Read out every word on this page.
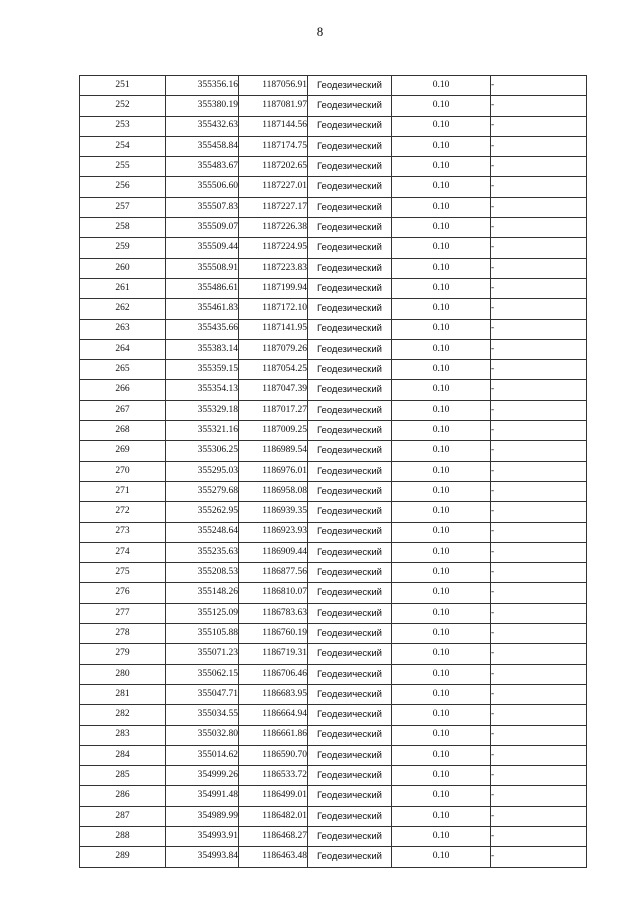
8
251	355356.16	1187056.91	Геодезический	0.10	-
252	355380.19	1187081.97	Геодезический	0.10	-
253	355432.63	1187144.56	Геодезический	0.10	-
254	355458.84	1187174.75	Геодезический	0.10	-
255	355483.67	1187202.65	Геодезический	0.10	-
256	355506.60	1187227.01	Геодезический	0.10	-
257	355507.83	1187227.17	Геодезический	0.10	-
258	355509.07	1187226.38	Геодезический	0.10	-
259	355509.44	1187224.95	Геодезический	0.10	-
260	355508.91	1187223.83	Геодезический	0.10	-
261	355486.61	1187199.94	Геодезический	0.10	-
262	355461.83	1187172.10	Геодезический	0.10	-
263	355435.66	1187141.95	Геодезический	0.10	-
264	355383.14	1187079.26	Геодезический	0.10	-
265	355359.15	1187054.25	Геодезический	0.10	-
266	355354.13	1187047.39	Геодезический	0.10	-
267	355329.18	1187017.27	Геодезический	0.10	-
268	355321.16	1187009.25	Геодезический	0.10	-
269	355306.25	1186989.54	Геодезический	0.10	-
270	355295.03	1186976.01	Геодезический	0.10	-
271	355279.68	1186958.08	Геодезический	0.10	-
272	355262.95	1186939.35	Геодезический	0.10	-
273	355248.64	1186923.93	Геодезический	0.10	-
274	355235.63	1186909.44	Геодезический	0.10	-
275	355208.53	1186877.56	Геодезический	0.10	-
276	355148.26	1186810.07	Геодезический	0.10	-
277	355125.09	1186783.63	Геодезический	0.10	-
278	355105.88	1186760.19	Геодезический	0.10	-
279	355071.23	1186719.31	Геодезический	0.10	-
280	355062.15	1186706.46	Геодезический	0.10	-
281	355047.71	1186683.95	Геодезический	0.10	-
282	355034.55	1186664.94	Геодезический	0.10	-
283	355032.80	1186661.86	Геодезический	0.10	-
284	355014.62	1186590.70	Геодезический	0.10	-
285	354999.26	1186533.72	Геодезический	0.10	-
286	354991.48	1186499.01	Геодезический	0.10	-
287	354989.99	1186482.01	Геодезический	0.10	-
288	354993.91	1186468.27	Геодезический	0.10	-
289	354993.84	1186463.48	Геодезический	0.10	-
